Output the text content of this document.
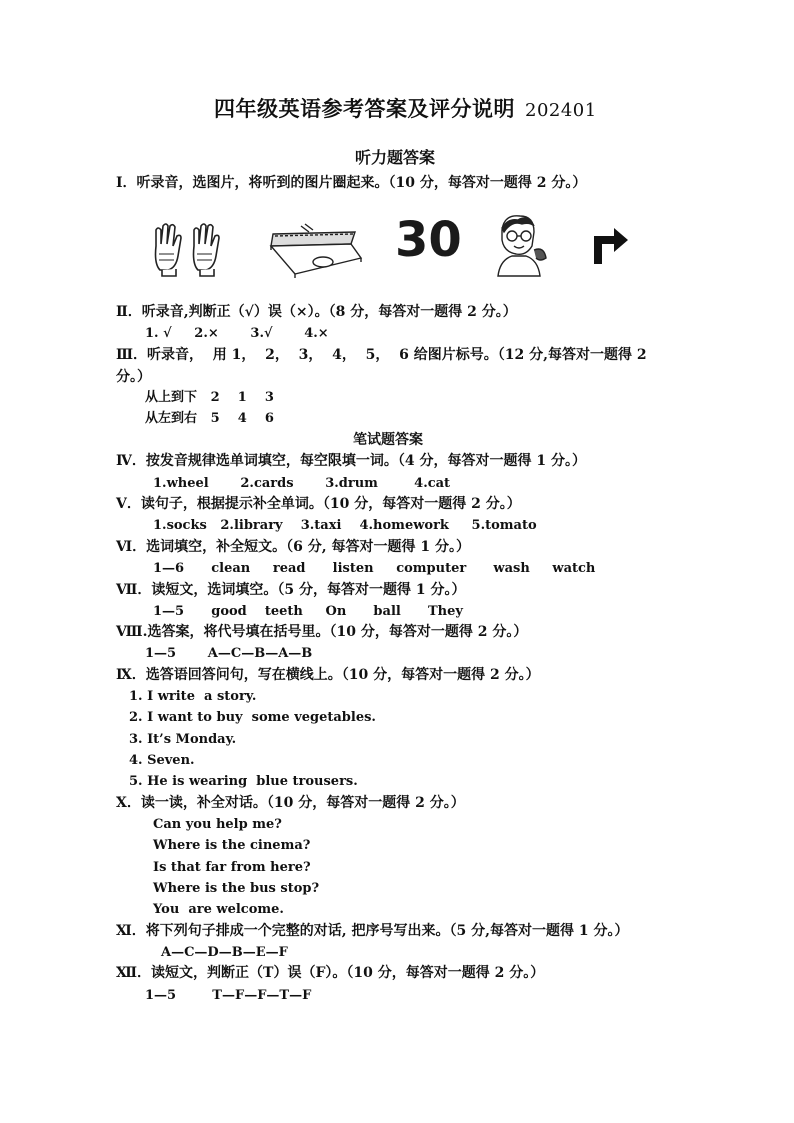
四年级英语参考答案及评分说明 202401
听力题答案
Ⅰ．听录音，选图片，将听到的图片圈起来。（10 分，每答对一题得 2 分。）
30
Ⅱ．听录音,判断正（√）误（×）。（8 分，每答对一题得 2 分。）
1. √     2.×       3.√       4.×
Ⅲ．听录音，  用 1，  2，  3，  4，  5，  6 给图片标号。（12 分,每答对一题得 2
分。）
从上到下   2    1    3
从左到右   5    4    6
笔试题答案
Ⅳ．按发音规律选单词填空，每空限填一词。（4 分，每答对一题得 1 分。）
1.wheel       2.cards       3.drum        4.cat
Ⅴ．读句子，根据提示补全单词。（10 分，每答对一题得 2 分。）
1.socks   2.library    3.taxi    4.homework     5.tomato
Ⅵ．选词填空，补全短文。（6 分, 每答对一题得 1 分。）
1—6      clean     read      listen     computer      wash     watch
Ⅶ．读短文，选词填空。（5 分，每答对一题得 1 分。）
1—5      good    teeth     On      ball      They
Ⅷ.选答案，将代号填在括号里。（10 分，每答对一题得 2 分。）
1—5       A—C—B—A—B
Ⅸ．选答语回答问句，写在横线上。（10 分，每答对一题得 2 分。）
1. I write  a story.
2. I want to buy  some vegetables.
3. It’s Monday.
4. Seven.
5. He is wearing  blue trousers.
Ⅹ．读一读，补全对话。（10 分，每答对一题得 2 分。）
Can you help me?
Where is the cinema?
Is that far from here?
Where is the bus stop?
You  are welcome.
Ⅺ．将下列句子排成一个完整的对话, 把序号写出来。（5 分,每答对一题得 1 分。）
A—C—D—B—E—F
Ⅻ．读短文，判断正（T）误（F）。（10 分，每答对一题得 2 分。）
1—5        T—F—F—T—F
